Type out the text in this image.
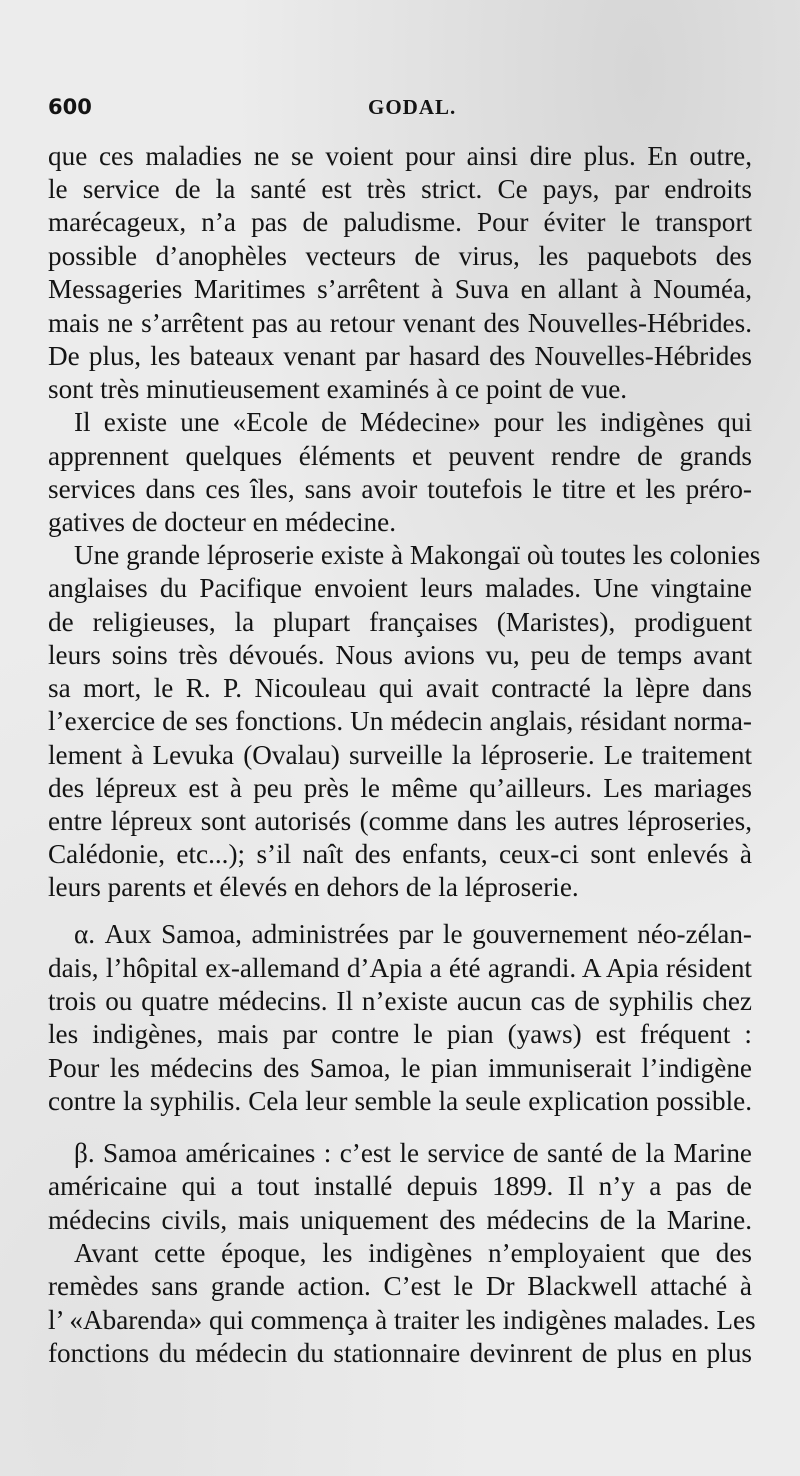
600	GODAL.
que ces maladies ne se voient pour ainsi dire plus. En outre,
le service de la santé est très strict. Ce pays, par endroits
marécageux, n’a pas de paludisme. Pour éviter le transport
possible d’anophèles vecteurs de virus, les paquebots des
Messageries Maritimes s’arrêtent à Suva en allant à Nouméa,
mais ne s’arrêtent pas au retour venant des Nouvelles-Hébrides.
De plus, les bateaux venant par hasard des Nouvelles-Hébrides
sont très minutieusement examinés à ce point de vue.
Il existe une «Ecole de Médecine» pour les indigènes qui
apprennent quelques éléments et peuvent rendre de grands
services dans ces îles, sans avoir toutefois le titre et les préro-
gatives de docteur en médecine.
Une grande léproserie existe à Makongaï où toutes les colonies
anglaises du Pacifique envoient leurs malades. Une vingtaine
de religieuses, la plupart françaises (Maristes), prodiguent
leurs soins très dévoués. Nous avions vu, peu de temps avant
sa mort, le R. P. Nicouleau qui avait contracté la lèpre dans
l’exercice de ses fonctions. Un médecin anglais, résidant norma-
lement à Levuka (Ovalau) surveille la léproserie. Le traitement
des lépreux est à peu près le même qu’ailleurs. Les mariages
entre lépreux sont autorisés (comme dans les autres léproseries,
Calédonie, etc...); s’il naît des enfants, ceux-ci sont enlevés à
leurs parents et élevés en dehors de la léproserie.
α. Aux Samoa, administrées par le gouvernement néo-zélan-
dais, l’hôpital ex-allemand d’Apia a été agrandi. A Apia résident
trois ou quatre médecins. Il n’existe aucun cas de syphilis chez
les indigènes, mais par contre le pian (yaws) est fréquent :
Pour les médecins des Samoa, le pian immuniserait l’indigène
contre la syphilis. Cela leur semble la seule explication possible.
β. Samoa américaines : c’est le service de santé de la Marine
américaine qui a tout installé depuis 1899. Il n’y a pas de
médecins civils, mais uniquement des médecins de la Marine.
Avant cette époque, les indigènes n’employaient que des
remèdes sans grande action. C’est le Dr Blackwell attaché à
l’ «Abarenda» qui commença à traiter les indigènes malades. Les
fonctions du médecin du stationnaire devinrent de plus en plus
